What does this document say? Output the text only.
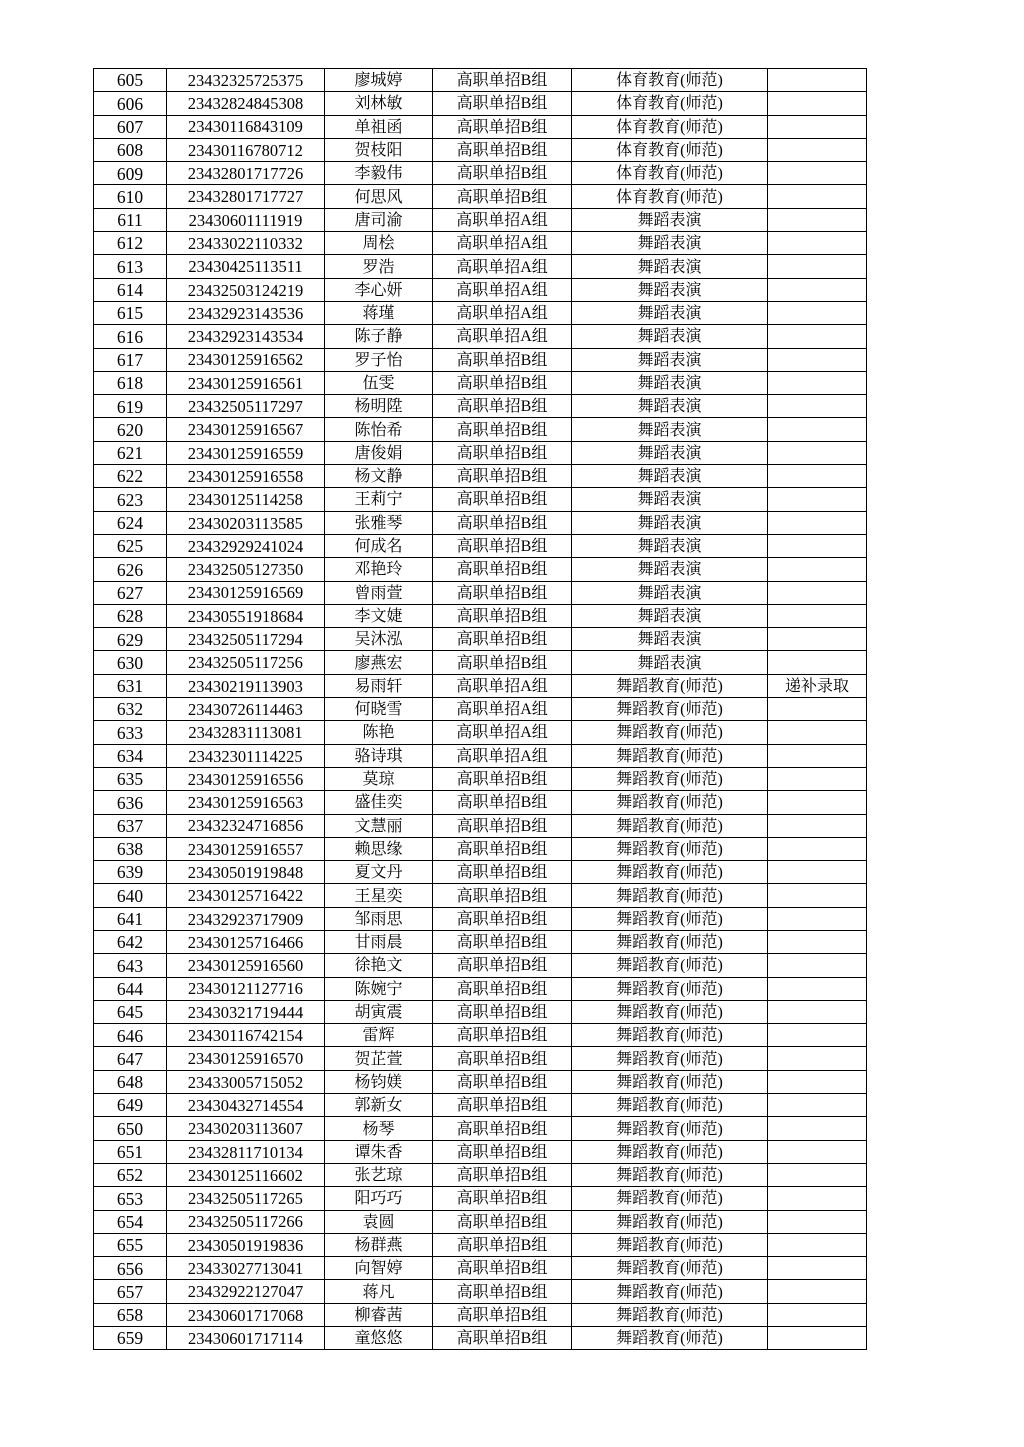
605	23432325725375	廖城婷	高职单招B组	体育教育(师范)	
606	23432824845308	刘林敏	高职单招B组	体育教育(师范)	
607	23430116843109	单祖函	高职单招B组	体育教育(师范)	
608	23430116780712	贺枝阳	高职单招B组	体育教育(师范)	
609	23432801717726	李毅伟	高职单招B组	体育教育(师范)	
610	23432801717727	何思风	高职单招B组	体育教育(师范)	
611	23430601111919	唐司渝	高职单招A组	舞蹈表演	
612	23433022110332	周桧	高职单招A组	舞蹈表演	
613	23430425113511	罗浩	高职单招A组	舞蹈表演	
614	23432503124219	李心妍	高职单招A组	舞蹈表演	
615	23432923143536	蒋瑾	高职单招A组	舞蹈表演	
616	23432923143534	陈子静	高职单招A组	舞蹈表演	
617	23430125916562	罗子怡	高职单招B组	舞蹈表演	
618	23430125916561	伍雯	高职单招B组	舞蹈表演	
619	23432505117297	杨明陞	高职单招B组	舞蹈表演	
620	23430125916567	陈怡希	高职单招B组	舞蹈表演	
621	23430125916559	唐俊娟	高职单招B组	舞蹈表演	
622	23430125916558	杨文静	高职单招B组	舞蹈表演	
623	23430125114258	王莉宁	高职单招B组	舞蹈表演	
624	23430203113585	张雅琴	高职单招B组	舞蹈表演	
625	23432929241024	何成名	高职单招B组	舞蹈表演	
626	23432505127350	邓艳玲	高职单招B组	舞蹈表演	
627	23430125916569	曾雨萱	高职单招B组	舞蹈表演	
628	23430551918684	李文婕	高职单招B组	舞蹈表演	
629	23432505117294	吴沐泓	高职单招B组	舞蹈表演	
630	23432505117256	廖燕宏	高职单招B组	舞蹈表演	
631	23430219113903	易雨轩	高职单招A组	舞蹈教育(师范)	递补录取
632	23430726114463	何晓雪	高职单招A组	舞蹈教育(师范)	
633	23432831113081	陈艳	高职单招A组	舞蹈教育(师范)	
634	23432301114225	骆诗琪	高职单招A组	舞蹈教育(师范)	
635	23430125916556	莫琼	高职单招B组	舞蹈教育(师范)	
636	23430125916563	盛佳奕	高职单招B组	舞蹈教育(师范)	
637	23432324716856	文慧丽	高职单招B组	舞蹈教育(师范)	
638	23430125916557	赖思缘	高职单招B组	舞蹈教育(师范)	
639	23430501919848	夏文丹	高职单招B组	舞蹈教育(师范)	
640	23430125716422	王星奕	高职单招B组	舞蹈教育(师范)	
641	23432923717909	邹雨思	高职单招B组	舞蹈教育(师范)	
642	23430125716466	甘雨晨	高职单招B组	舞蹈教育(师范)	
643	23430125916560	徐艳文	高职单招B组	舞蹈教育(师范)	
644	23430121127716	陈婉宁	高职单招B组	舞蹈教育(师范)	
645	23430321719444	胡寅震	高职单招B组	舞蹈教育(师范)	
646	23430116742154	雷辉	高职单招B组	舞蹈教育(师范)	
647	23430125916570	贺芷萱	高职单招B组	舞蹈教育(师范)	
648	23433005715052	杨钧媄	高职单招B组	舞蹈教育(师范)	
649	23430432714554	郭新女	高职单招B组	舞蹈教育(师范)	
650	23430203113607	杨琴	高职单招B组	舞蹈教育(师范)	
651	23432811710134	谭朱香	高职单招B组	舞蹈教育(师范)	
652	23430125116602	张艺琼	高职单招B组	舞蹈教育(师范)	
653	23432505117265	阳巧巧	高职单招B组	舞蹈教育(师范)	
654	23432505117266	袁圆	高职单招B组	舞蹈教育(师范)	
655	23430501919836	杨群燕	高职单招B组	舞蹈教育(师范)	
656	23433027713041	向智婷	高职单招B组	舞蹈教育(师范)	
657	23432922127047	蒋凡	高职单招B组	舞蹈教育(师范)	
658	23430601717068	柳睿茜	高职单招B组	舞蹈教育(师范)	
659	23430601717114	童悠悠	高职单招B组	舞蹈教育(师范)	
